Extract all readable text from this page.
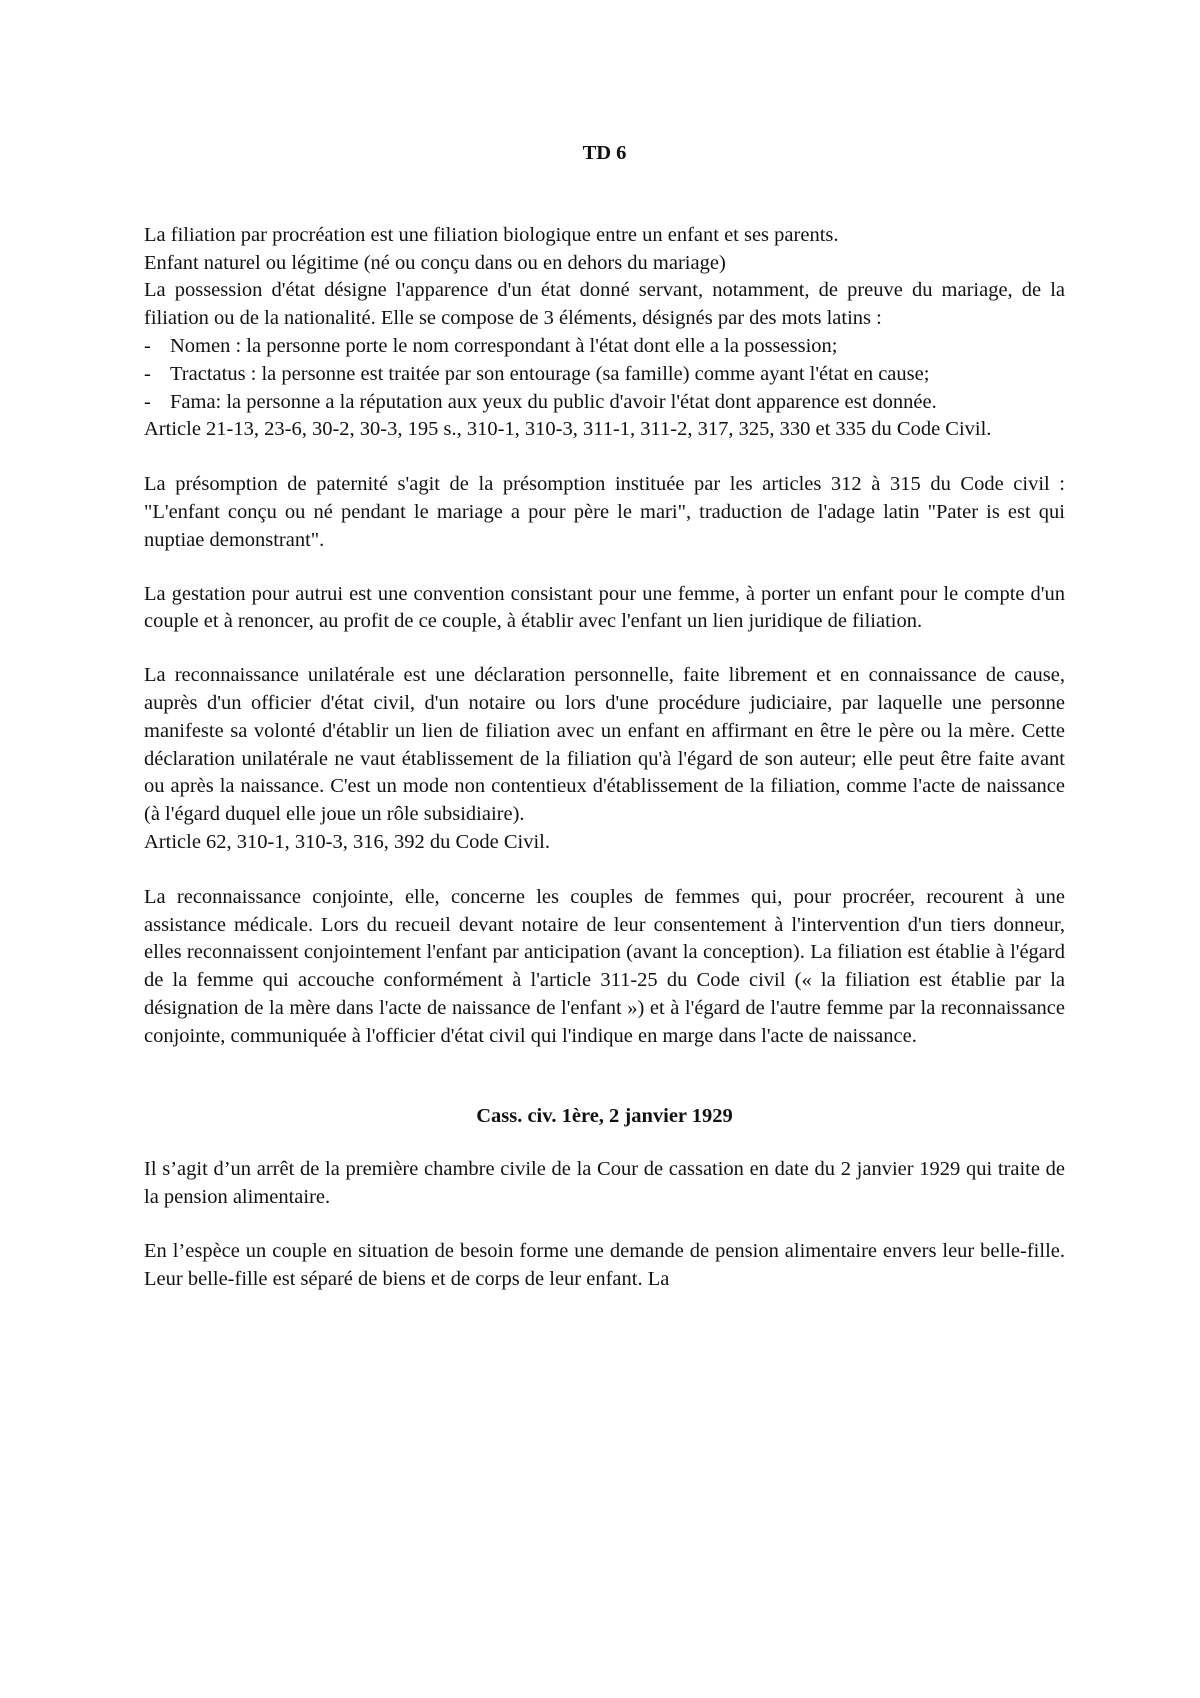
TD 6

La filiation par procréation est une filiation biologique entre un enfant et ses parents.

Enfant naturel ou légitime (né ou conçu dans ou en dehors du mariage)

La possession d'état désigne l'apparence d'un état donné servant, notamment, de preuve du mariage, de la filiation ou de la nationalité. Elle se compose de 3 éléments, désignés par des mots latins :

- Nomen : la personne porte le nom correspondant à l'état dont elle a la possession;
- Tractatus : la personne est traitée par son entourage (sa famille) comme ayant l'état en cause;
- Fama: la personne a la réputation aux yeux du public d'avoir l'état dont apparence est donnée.

Article 21-13, 23-6, 30-2, 30-3, 195 s., 310-1, 310-3, 311-1, 311-2, 317, 325, 330 et 335 du Code Civil.

La présomption de paternité s'agit de la présomption instituée par les articles 312 à 315 du Code civil : "L'enfant conçu ou né pendant le mariage a pour père le mari", traduction de l'adage latin "Pater is est qui nuptiae demonstrant".

La gestation pour autrui est une convention consistant pour une femme, à porter un enfant pour le compte d'un couple et à renoncer, au profit de ce couple, à établir avec l'enfant un lien juridique de filiation.

La reconnaissance unilatérale est une déclaration personnelle, faite librement et en connaissance de cause, auprès d'un officier d'état civil, d'un notaire ou lors d'une procédure judiciaire, par laquelle une personne manifeste sa volonté d'établir un lien de filiation avec un enfant en affirmant en être le père ou la mère. Cette déclaration unilatérale ne vaut établissement de la filiation qu'à l'égard de son auteur; elle peut être faite avant ou après la naissance. C'est un mode non contentieux d'établissement de la filiation, comme l'acte de naissance (à l'égard duquel elle joue un rôle subsidiaire).

Article 62, 310-1, 310-3, 316, 392 du Code Civil.

La reconnaissance conjointe, elle, concerne les couples de femmes qui, pour procréer, recourent à une assistance médicale. Lors du recueil devant notaire de leur consentement à l'intervention d'un tiers donneur, elles reconnaissent conjointement l'enfant par anticipation (avant la conception). La filiation est établie à l'égard de la femme qui accouche conformément à l'article 311-25 du Code civil (« la filiation est établie par la désignation de la mère dans l'acte de naissance de l'enfant ») et à l'égard de l'autre femme par la reconnaissance conjointe, communiquée à l'officier d'état civil qui l'indique en marge dans l'acte de naissance.

Cass. civ. 1ère, 2 janvier 1929

Il s’agit d’un arrêt de la première chambre civile de la Cour de cassation en date du 2 janvier 1929 qui traite de la pension alimentaire.

En l’espèce un couple en situation de besoin forme une demande de pension alimentaire envers leur belle-fille. Leur belle-fille est séparé de biens et de corps de leur enfant. La
